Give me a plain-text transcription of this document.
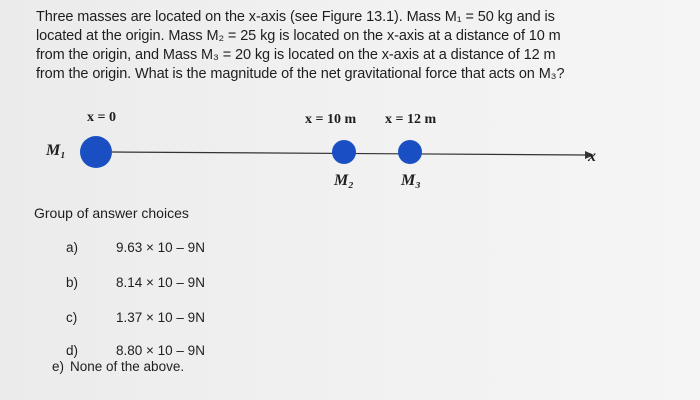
Three masses are located on the x-axis (see Figure 13.1). Mass M₁ = 50 kg and is
located at the origin. Mass M₂ = 25 kg is located on the x-axis at a distance of 10 m
from the origin, and Mass M₃ = 20 kg is located on the x-axis at a distance of 12 m
from the origin. What is the magnitude of the net gravitational force that acts on M₃?
x = 0	x = 10 m x = 12 m
M₁
M₂	M₃
x
Group of answer choices
a)	9.63 × 10 – 9N
b)	8.14 × 10 – 9N
c)	1.37 × 10 – 9N
d)	8.80 × 10 – 9N
e) None of the above.
